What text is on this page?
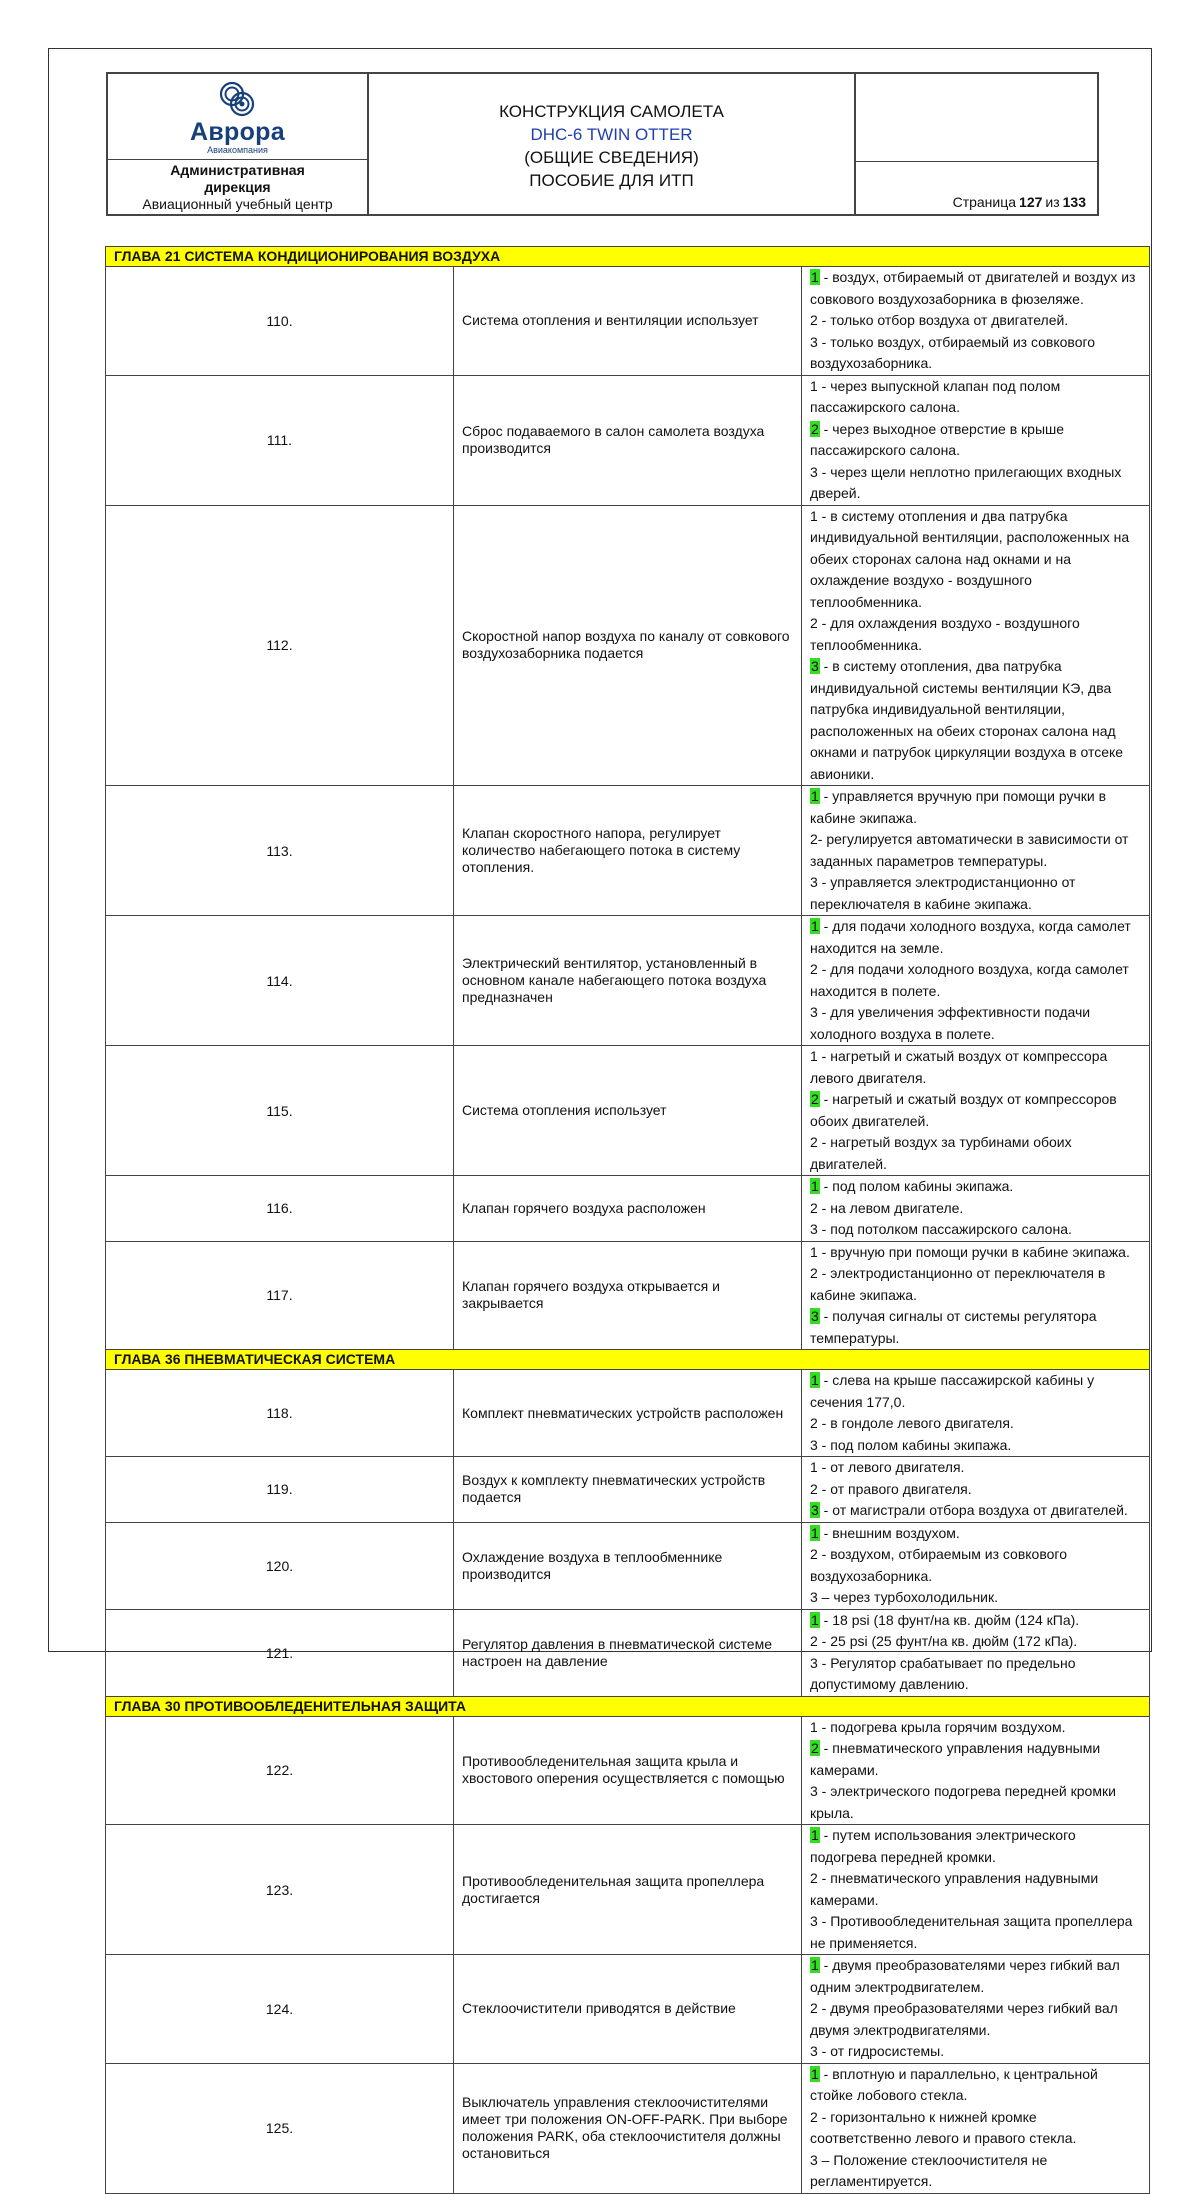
Аврора
Авиакомпания
Административная
дирекция
Авиационный учебный центр
КОНСТРУКЦИЯ САМОЛЕТА
DHC-6 TWIN OTTER
(ОБЩИЕ СВЕДЕНИЯ)
ПОСОБИЕ ДЛЯ ИТП
Страница 127 из 133
ГЛАВА 21 СИСТЕМА КОНДИЦИОНИРОВАНИЯ ВОЗДУХА		
110.	Система отопления и вентиляции использует	1 - воздух, отбираемый от двигателей и воздух из совкового воздухозаборника в фюзеляже.
2 - только отбор воздуха от двигателей.
3 - только воздух, отбираемый из совкового воздухозаборника.

111.	Сброс подаваемого в салон самолета воздуха производится	1 - через выпускной клапан под полом пассажирского салона.
2 - через выходное отверстие в крыше пассажирского салона.
3 - через щели неплотно прилегающих входных дверей.

112.	Скоростной напор воздуха по каналу от совкового воздухозаборника подается	1 - в систему отопления и два патрубка индивидуальной вентиляции, расположенных на обеих сторонах салона над окнами и на охлаждение воздухо - воздушного теплообменника.
2 - для охлаждения воздухо - воздушного теплообменника.
3 - в систему отопления, два патрубка индивидуальной системы вентиляции КЭ, два патрубка индивидуальной вентиляции, расположенных на обеих сторонах салона над окнами и патрубок циркуляции воздуха в отсеке авионики.

113.	Клапан скоростного напора, регулирует количество набегающего потока в систему отопления.	1 - управляется вручную при помощи ручки в кабине экипажа.
2- регулируется автоматически в зависимости от заданных параметров температуры.
3 - управляется электродистанционно от переключателя в кабине экипажа.

114.	Электрический вентилятор, установленный в основном канале набегающего потока воздуха предназначен	1 - для подачи холодного воздуха, когда самолет находится на земле.
2 - для подачи холодного воздуха, когда самолет находится в полете.
3 - для увеличения эффективности подачи холодного воздуха в полете.

115.	Система отопления использует	1 - нагретый и сжатый воздух от компрессора левого двигателя.
2 - нагретый и сжатый воздух от компрессоров обоих двигателей.
2 - нагретый воздух за турбинами обоих двигателей.

116.	Клапан горячего воздуха расположен	1 - под полом кабины экипажа.
2 - на левом двигателе.
3 - под потолком пассажирского салона.

117.	Клапан горячего воздуха открывается и закрывается	1 - вручную при помощи ручки в кабине экипажа.
2 - электродистанционно от переключателя в кабине экипажа.
3 - получая сигналы от системы регулятора температуры.

ГЛАВА 36 ПНЕВМАТИЧЕСКАЯ СИСТЕМА		
118.	Комплект пневматических устройств расположен	1 - слева на крыше пассажирской кабины у сечения 177,0.
2 - в гондоле левого двигателя.
3 - под полом кабины экипажа.

119.	Воздух к комплекту пневматических устройств подается	1 - от левого двигателя.
2 - от правого двигателя.
3 - от магистрали отбора воздуха от двигателей.

120.	Охлаждение воздуха в теплообменнике производится	1 - внешним воздухом.
2 - воздухом, отбираемым из совкового воздухозаборника.
3 – через турбохолодильник.

121.	Регулятор давления в пневматической системе настроен на давление	1 - 18 psi (18 фунт/на кв. дюйм (124 кПа).
2 - 25 psi (25 фунт/на кв. дюйм (172 кПа).
3 - Регулятор срабатывает по предельно допустимому давлению.

ГЛАВА 30 ПРОТИВООБЛЕДЕНИТЕЛЬНАЯ ЗАЩИТА		
122.	Противообледенительная защита крыла и хвостового оперения осуществляется с помощью	1 - подогрева крыла горячим воздухом.
2 - пневматического управления надувными камерами.
3 - электрического подогрева передней кромки крыла.

123.	Противообледенительная защита пропеллера достигается	1 - путем использования электрического подогрева передней кромки.
2 - пневматического управления надувными камерами.
3 - Противообледенительная защита пропеллера не применяется.

124.	Стеклоочистители приводятся в действие	1 - двумя преобразователями через гибкий вал одним электродвигателем.
2 - двумя преобразователями через гибкий вал двумя электродвигателями.
3 - от гидросистемы.

125.	Выключатель управления стеклоочистителями имеет три положения ON-OFF-PARK. При выборе положения PARK, оба стеклоочистителя должны остановиться	1 - вплотную и параллельно, к центральной стойке лобового стекла.
2 - горизонтально к нижней кромке соответственно левого и правого стекла.
3 – Положение стеклоочистителя не регламентируется.
